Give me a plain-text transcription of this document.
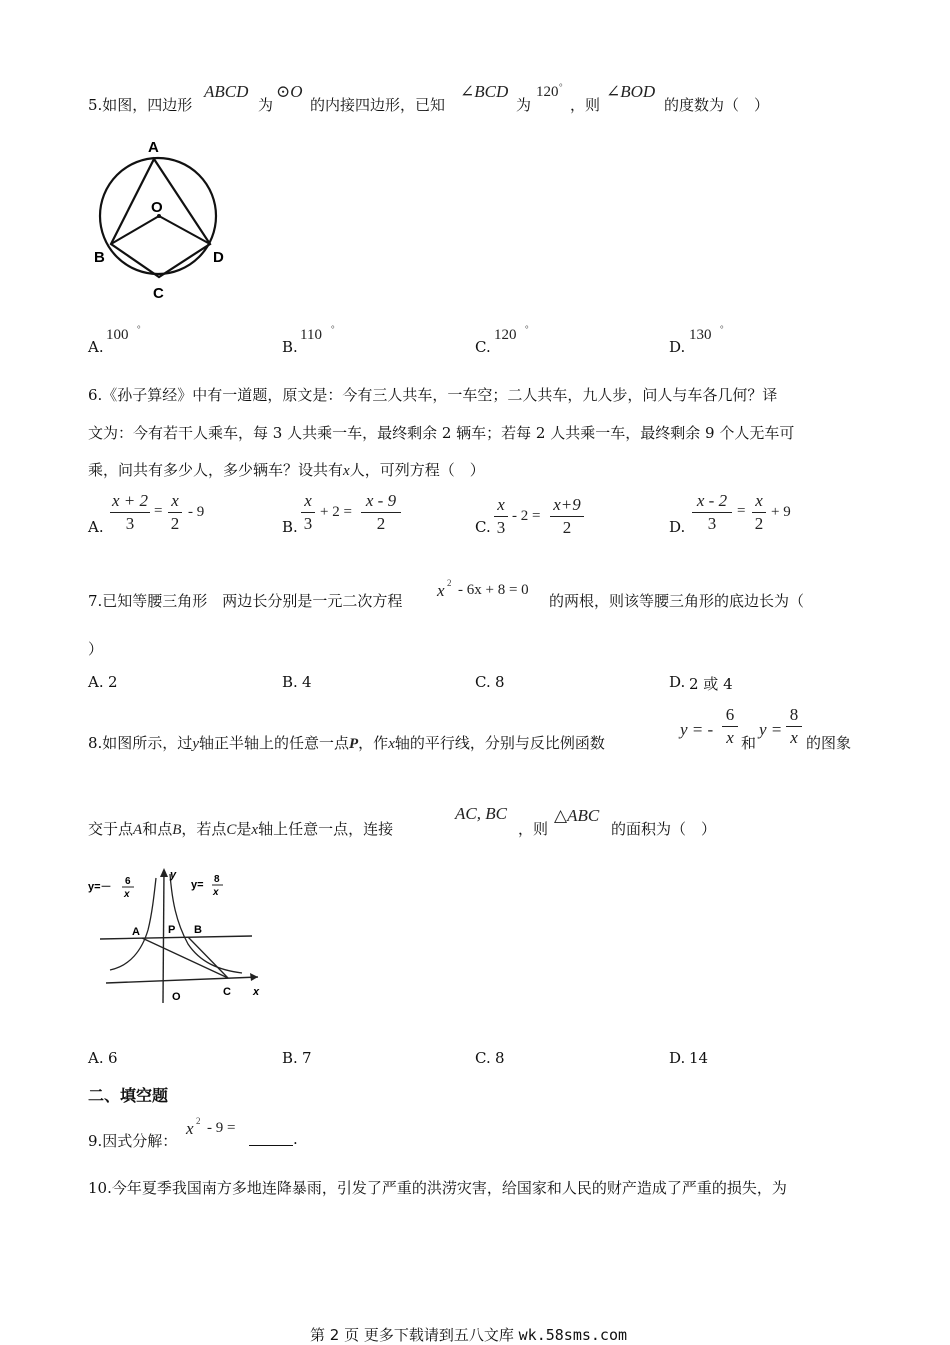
5.如图，四边形
ABCD
为
⊙O
的内接四边形，已知
∠BCD
为
120 °
，则
∠BOD
的度数为（　）
A
O
B	D
C
A.
100 °
B.
110 °
C.
120 °
D.
130 °
6.《孙子算经》中有一道题，原文是：今有三人共车，一车空；二人共车，九人步，问人与车各几何？译
文为：今有若干人乘车，每 3 人共乘一车，最终剩余 2 辆车；若每 2 人共乘一车，最终剩余 9 个人无车可
乘，问共有多少人，多少辆车？设共有x人，可列方程（　）
A.
x + 2
3
=
x
2
- 9
B.
x
3
+ 2 =
x - 9
2	C.
x
3
- 2 =
x+9
2	D.
x - 2
3
=
x
2
+ 9
7.已知等腰三角形　两边长分别是一元二次方程
x 2 - 6x + 8 = 0
的两根，则该等腰三角形的底边长为（
）
A. 2	B. 4	C. 8	D. 2 或 4
8.如图所示，过y轴正半轴上的任意一点P，作x轴的平行线，分别与反比例函数
y = -
6
x 和
y =
8
x 的图象
交于点A和点B，若点C是x轴上任意一点，连接
AC, BC
，则
△ABC
的面积为（　）
y=－ 6
x
y= 8
x
y
x
A	P B
O	C
A. 6	B. 7	C. 8	D. 14
二、填空题
9.因式分解：
x 2 - 9 =
.
10.今年夏季我国南方多地连降暴雨，引发了严重的洪涝灾害，给国家和人民的财产造成了严重的损失，为
第 2 页 更多下载请到五八文库 wk.58sms.com
